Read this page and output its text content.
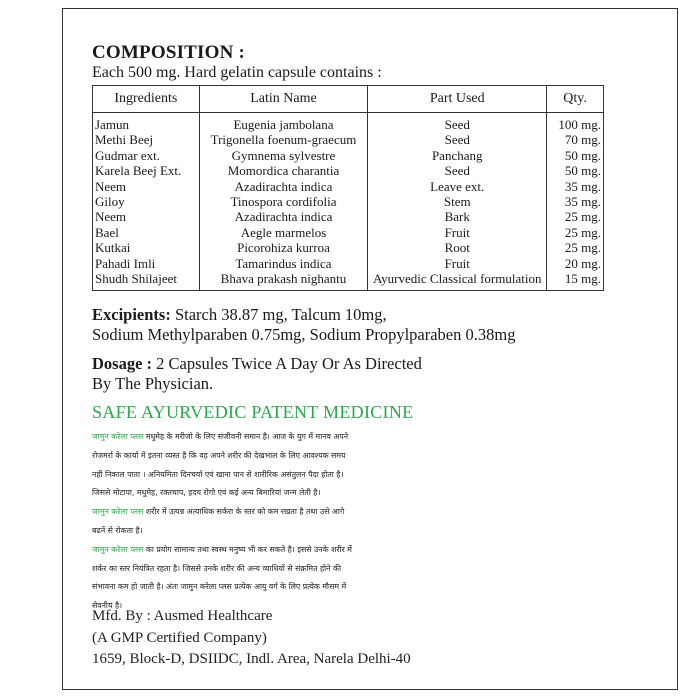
COMPOSITION :
Each 500 mg. Hard gelatin capsule contains :
Ingredients	Latin Name	Part Used	Qty.
Jamun	Eugenia jambolana	Seed	100 mg.
Methi Beej	Trigonella foenum-graecum	Seed	70 mg.
Gudmar ext.	Gymnema sylvestre	Panchang	50 mg.
Karela Beej Ext.	Momordica charantia	Seed	50 mg.
Neem	Azadirachta indica	Leave ext.	35 mg.
Giloy	Tinospora cordifolia	Stem	35 mg.
Neem	Azadirachta indica	Bark	25 mg.
Bael	Aegle marmelos	Fruit	25 mg.
Kutkai	Picorohiza kurroa	Root	25 mg.
Pahadi Imli	Tamarindus indica	Fruit	20 mg.
Shudh Shilajeet	Bhava prakash nighantu	Ayurvedic Classical formulation	15 mg.
Excipients: Starch 38.87 mg, Talcum 10mg,
Sodium Methylparaben 0.75mg, Sodium Propylparaben 0.38mg
Dosage : 2 Capsules Twice A Day Or As Directed
By The Physician.
SAFE AYURVEDIC PATENT MEDICINE
जामुन करेला प्लस मधुमेह के मरीजो के लिए संजीवनी समान है। आज के युग में मानव अपने
रोजमर्रा के कार्या में इतना व्यस्त है कि वह अपने शरीर की देखभाल के लिए आवश्यक समय
नहीं निकाल पाता । अनियमिता दिनचर्या एवं खाना पान से शारीरिक असंतुलन पैदा होता है।
जिससे मोटापा, मधुमेह, रक्तचाप, हदय रोगो एवं कई अन्य बिमारियां जन्म लेती है।
जामुन करेला प्लस शरीर में उत्पन्न अत्याधिक सर्करा के स्तर को कम रखता है तथा उसे आगे
बढनें से रोकता है।
जामुन करेला प्लस का प्रयोग सामान्य तथा स्वस्थ मनुष्य भी कर सकते है। इससे उनके शरीर में
शर्कर का स्तर नियंत्रित रहता है। जिससे उनके शरीर की अन्य व्याधियों से संक्रमित होने की
संभावना कम हो जाती है। अंतः जामुन करेला प्लस प्रत्येक आयु वर्ग के लिए प्रत्येक मौसम में
सेवनीय है।
Mfd. By : Ausmed Healthcare
(A GMP Certified Company)
1659, Block-D, DSIIDC, Indl. Area, Narela Delhi-40
